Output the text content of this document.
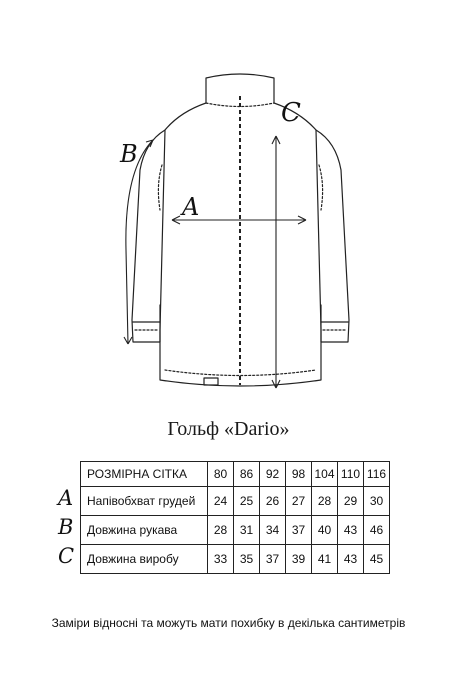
A
B
C
Гольф «Dario»
РОЗМІРНА СІТКА	80	86	92	98	104	110	116
Напівобхват грудей	24	25	26	27	28	29	30
Довжина рукава	28	31	34	37	40	43	46
Довжина виробу	33	35	37	39	41	43	45
A
B
C
Заміри відносні та можуть мати похибку в декілька сантиметрів
